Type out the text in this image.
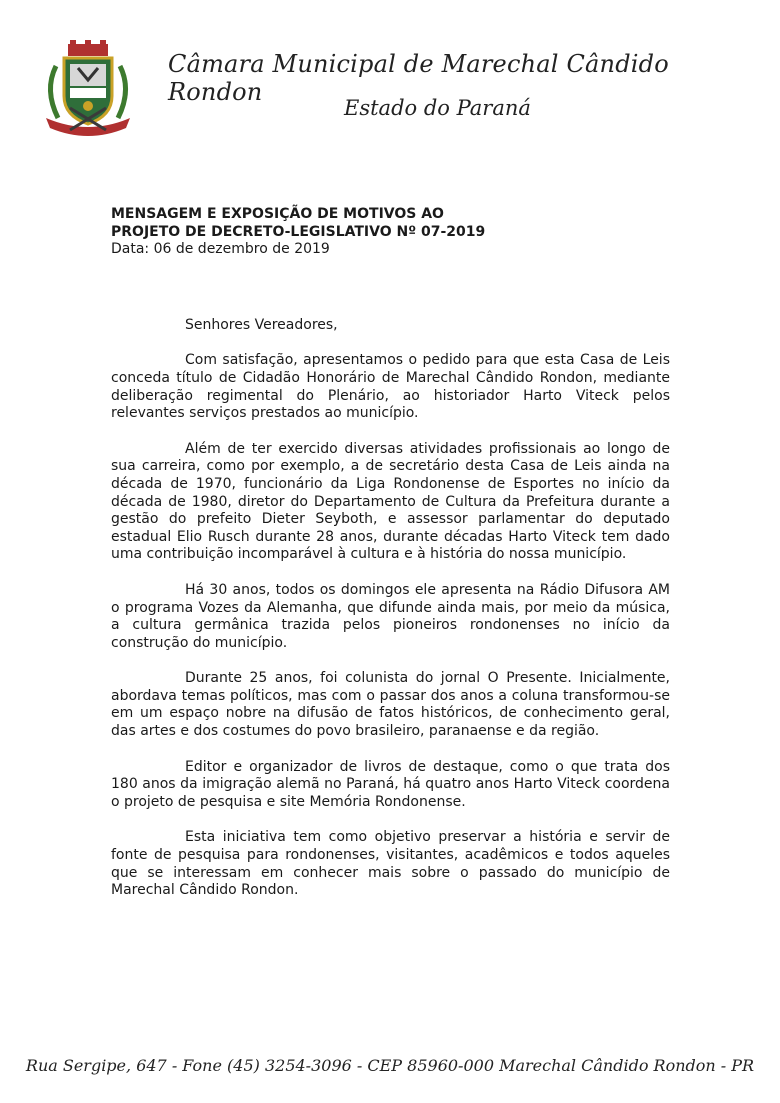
Câmara Municipal de Marechal Cândido Rondon
Estado do Paraná
MENSAGEM E EXPOSIÇÃO DE MOTIVOS AO
PROJETO DE DECRETO-LEGISLATIVO Nº 07-2019
Data: 06 de dezembro de 2019
Senhores Vereadores,

Com satisfação, apresentamos o pedido para que esta Casa de Leis conceda título de Cidadão Honorário de Marechal Cândido Rondon, mediante deliberação regimental do Plenário, ao historiador Harto Viteck pelos relevantes serviços prestados ao município.

Além de ter exercido diversas atividades profissionais ao longo de sua carreira, como por exemplo, a de secretário desta Casa de Leis ainda na década de 1970, funcionário da Liga Rondonense de Esportes no início da década de 1980, diretor do Departamento de Cultura da Prefeitura durante a gestão do prefeito Dieter Seyboth, e assessor parlamentar do deputado estadual Elio Rusch durante 28 anos, durante décadas Harto Viteck tem dado uma contribuição incomparável à cultura e à história do nossa município.

Há 30 anos, todos os domingos ele apresenta na Rádio Difusora AM o programa Vozes da Alemanha, que difunde ainda mais, por meio da música, a cultura germânica trazida pelos pioneiros rondonenses no início da construção do município.

Durante 25 anos, foi colunista do jornal O Presente. Inicialmente, abordava temas políticos, mas com o passar dos anos a coluna transformou-se em um espaço nobre na difusão de fatos históricos, de conhecimento geral, das artes e dos costumes do povo brasileiro, paranaense e da região.

Editor e organizador de livros de destaque, como o que trata dos 180 anos da imigração alemã no Paraná, há quatro anos Harto Viteck coordena o projeto de pesquisa e site Memória Rondonense.

Esta iniciativa tem como objetivo preservar a história e servir de fonte de pesquisa para rondonenses, visitantes, acadêmicos e todos aqueles que se interessam em conhecer mais sobre o passado do município de Marechal Cândido Rondon.

Rua Sergipe, 647 - Fone (45) 3254-3096 - CEP 85960-000 Marechal Cândido Rondon - PR
